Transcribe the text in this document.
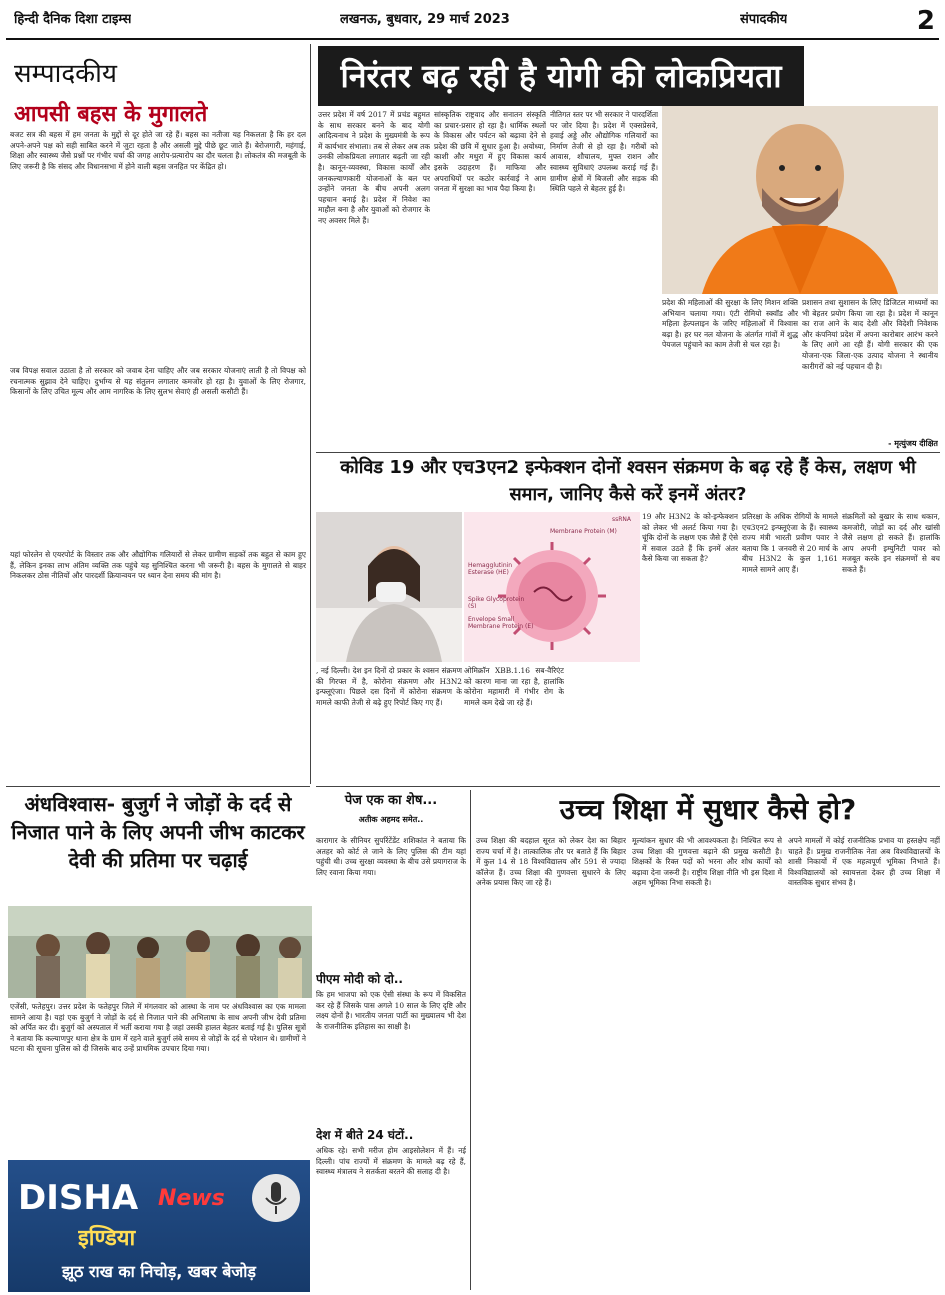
हिन्दी दैनिक दिशा टाइम्स	लखनऊ, बुधवार, 29 मार्च 2023	संपादकीय	2
सम्पादकीय
आपसी बहस के मुगालते
बजट सत्र की बहस में हम जनता के मुद्दों से दूर होते जा रहे हैं। बहस का नतीजा यह निकलता है कि हर दल अपने-अपने पक्ष को सही साबित करने में जुटा रहता है और असली मुद्दे पीछे छूट जाते हैं। बेरोजगारी, महंगाई, शिक्षा और स्वास्थ्य जैसे प्रश्नों पर गंभीर चर्चा की जगह आरोप-प्रत्यारोप का दौर चलता है। लोकतंत्र की मजबूती के लिए जरूरी है कि संसद और विधानसभा में होने वाली बहस जनहित पर केंद्रित हो।
जब विपक्ष सवाल उठाता है तो सरकार को जवाब देना चाहिए और जब सरकार योजनाएं लाती है तो विपक्ष को रचनात्मक सुझाव देने चाहिए। दुर्भाग्य से यह संतुलन लगातार कमजोर हो रहा है। युवाओं के लिए रोजगार, किसानों के लिए उचित मूल्य और आम नागरिक के लिए सुलभ सेवाएं ही असली कसौटी हैं।
यहां फोरलेन से एयरपोर्ट के विस्तार तक और औद्योगिक गलियारों से लेकर ग्रामीण सड़कों तक बहुत से काम हुए हैं, लेकिन इनका लाभ अंतिम व्यक्ति तक पहुंचे यह सुनिश्चित करना भी जरूरी है। बहस के मुगालते से बाहर निकलकर ठोस नीतियों और पारदर्शी क्रियान्वयन पर ध्यान देना समय की मांग है।
अंधविश्वास- बुजुर्ग ने जोड़ों के दर्द से निजात पाने के लिए अपनी जीभ काटकर देवी की प्रतिमा पर चढ़ाई
एजेंसी, फतेहपुर। उत्तर प्रदेश के फतेहपुर जिले में मंगलवार को आस्था के नाम पर अंधविश्वास का एक मामला सामने आया है। यहां एक बुजुर्ग ने जोड़ों के दर्द से निजात पाने की अभिलाषा के साथ अपनी जीभ देवी प्रतिमा को अर्पित कर दी। बुजुर्ग को अस्पताल में भर्ती कराया गया है जहां उसकी हालत बेहतर बताई गई है। पुलिस सूत्रों ने बताया कि कल्याणपुर थाना क्षेत्र के ग्राम में रहने वाले बुजुर्ग लंबे समय से जोड़ों के दर्द से परेशान थे। ग्रामीणों ने घटना की सूचना पुलिस को दी जिसके बाद उन्हें प्राथमिक उपचार दिया गया।
DISHA News
इण्डिया
झूठ राख का निचोड़, खबर बेजोड़
निरंतर बढ़ रही है योगी की लोकप्रियता
उत्तर प्रदेश में वर्ष 2017 में प्रचंड बहुमत के साथ सरकार बनने के बाद योगी आदित्यनाथ ने प्रदेश के मुख्यमंत्री के रूप में कार्यभार संभाला। तब से लेकर अब तक उनकी लोकप्रियता लगातार बढ़ती जा रही है। कानून-व्यवस्था, विकास कार्यों और जनकल्याणकारी योजनाओं के बल पर उन्होंने जनता के बीच अपनी अलग पहचान बनाई है। प्रदेश में निवेश का माहौल बना है और युवाओं को रोजगार के नए अवसर मिले हैं।
सांस्कृतिक राष्ट्रवाद और सनातन संस्कृति का प्रचार-प्रसार हो रहा है। धार्मिक स्थलों के विकास और पर्यटन को बढ़ावा देने से प्रदेश की छवि में सुधार हुआ है। अयोध्या, काशी और मथुरा में हुए विकास कार्य इसके उदाहरण हैं। माफिया और अपराधियों पर कठोर कार्रवाई ने आम जनता में सुरक्षा का भाव पैदा किया है।
नीतिगत स्तर पर भी सरकार ने पारदर्शिता पर जोर दिया है। प्रदेश में एक्सप्रेसवे, हवाई अड्डे और औद्योगिक गलियारों का निर्माण तेजी से हो रहा है। गरीबों को आवास, शौचालय, मुफ्त राशन और स्वास्थ्य सुविधाएं उपलब्ध कराई गई हैं। ग्रामीण क्षेत्रों में बिजली और सड़क की स्थिति पहले से बेहतर हुई है।
प्रदेश की महिलाओं की सुरक्षा के लिए मिशन शक्ति अभियान चलाया गया। एंटी रोमियो स्क्वॉड और महिला हेल्पलाइन के जरिए महिलाओं में विश्वास बढ़ा है। हर घर नल योजना के अंतर्गत गांवों में शुद्ध पेयजल पहुंचाने का काम तेजी से चल रहा है।
प्रशासन तथा सुशासन के लिए डिजिटल माध्यमों का भी बेहतर प्रयोग किया जा रहा है। प्रदेश में कानून का राज आने के बाद देशी और विदेशी निवेशक और कंपनियां प्रदेश में अपना कारोबार आरंभ करने के लिए आगे आ रही हैं। योगी सरकार की एक योजना-एक जिला-एक उत्पाद योजना ने स्थानीय कारीगरों को नई पहचान दी है।
- मृत्युंजय दीक्षित
कोविड 19 और एच3एन2 इन्फेक्शन दोनों श्वसन संक्रमण के बढ़ रहे हैं केस, लक्षण भी समान, जानिए कैसे करें इनमें अंतर?
Membrane Protein (M)
Hemagglutinin Esterase (HE)
Spike Glycoprotein (S)
Envelope Small Membrane Protein (E)
ssRNA	19 और H3N2 के को-इन्फेक्शन को लेकर भी अलर्ट किया गया है। चूंकि दोनों के लक्षण एक जैसे हैं ऐसे में सवाल उठते हैं कि इनमें अंतर कैसे किया जा सकता है?
प्रतिरक्षा के अधिक रोगियों के मामले एच3एन2 इन्फ्लूएंजा के हैं। स्वास्थ्य राज्य मंत्री भारती प्रवीण पवार ने बताया कि 1 जनवरी से 20 मार्च के बीच H3N2 के कुल 1,161 मामले सामने आए हैं।
संक्रमितों को बुखार के साथ थकान, कमजोरी, जोड़ों का दर्द और खांसी जैसे लक्षण हो सकते हैं। हालांकि आप अपनी इम्युनिटी पावर को मजबूत करके इन संक्रमणों से बच सकते हैं।
, नई दिल्ली। देश इन दिनों दो प्रकार के श्वसन संक्रमण की गिरफ्त में है, कोरोना संक्रमण और H3N2 इन्फ्लूएंजा। पिछले दस दिनों में कोरोना संक्रमण के मामले काफी तेजी से बढ़े हुए रिपोर्ट किए गए हैं।
ओमिक्रॉन XBB.1.16 सब-वैरिएंट को कारण माना जा रहा है, हालांकि कोरोना महामारी में गंभीर रोग के मामले कम देखे जा रहे हैं।
पेज एक का शेष...
अतीक अहमद समेत..
कारागार के सीनियर सुपरिंटेंडेंट शशिकांत ने बताया कि अतहर को कोर्ट ले जाने के लिए पुलिस की टीम यहां पहुंची थी। उच्च सुरक्षा व्यवस्था के बीच उसे प्रयागराज के लिए रवाना किया गया।
पीएम मोदी को दो..
कि हम भाजपा को एक ऐसी संस्था के रूप में विकसित कर रहे हैं जिसके पास अगले 10 साल के लिए दृष्टि और लक्ष्य दोनों है। भारतीय जनता पार्टी का मुख्यालय भी देश के राजनीतिक इतिहास का साक्षी है।
देश में बीते 24 घंटों..
अधिक रहे। सभी मरीज होम आइसोलेशन में हैं। नई दिल्ली। पांच राज्यों में संक्रमण के मामले बढ़ रहे हैं, स्वास्थ्य मंत्रालय ने सतर्कता बरतने की सलाह दी है।
उच्च शिक्षा में सुधार कैसे हो?
उच्च शिक्षा की बदहाल सूरत को लेकर देश का बिहार राज्य चर्चा में है। तात्कालिक तौर पर बताते हैं कि बिहार में कुल 14 से 18 विश्वविद्यालय और 591 से ज्यादा कॉलेज हैं। उच्च शिक्षा की गुणवत्ता सुधारने के लिए अनेक प्रयास किए जा रहे हैं।
मूल्यांकन सुधार की भी आवश्यकता है। निश्चित रूप से उच्च शिक्षा की गुणवत्ता बढ़ाने की प्रमुख कसौटी है। शिक्षकों के रिक्त पदों को भरना और शोध कार्यों को बढ़ावा देना जरूरी है। राष्ट्रीय शिक्षा नीति भी इस दिशा में अहम भूमिका निभा सकती है।
अपने मामलों में कोई राजनीतिक प्रभाव या हस्तक्षेप नहीं चाहते हैं। प्रमुख राजनीतिक नेता अब विश्वविद्यालयों के शासी निकायों में एक महत्वपूर्ण भूमिका निभाते हैं। विश्वविद्यालयों को स्वायत्तता देकर ही उच्च शिक्षा में वास्तविक सुधार संभव है।
